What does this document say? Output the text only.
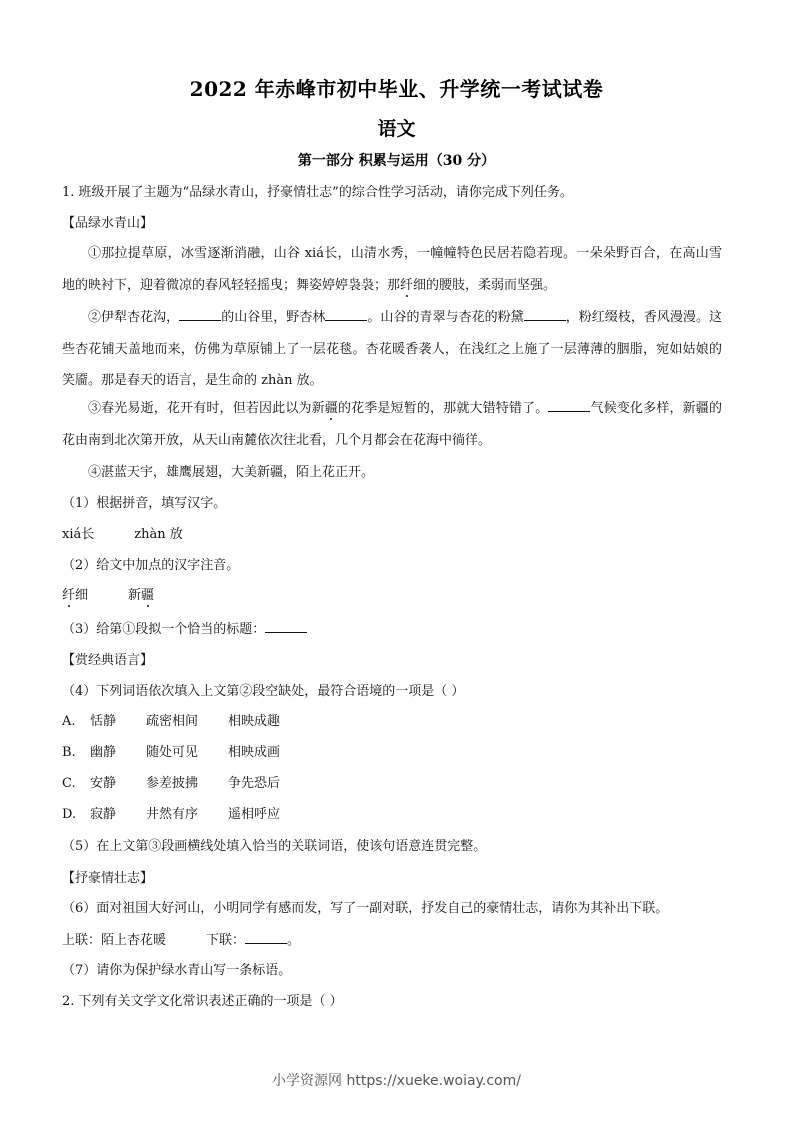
2022 年赤峰市初中毕业、升学统一考试试卷
语文
第一部分 积累与运用（30 分）
1. 班级开展了主题为“品绿水青山，抒豪情壮志”的综合性学习活动，请你完成下列任务。
【品绿水青山】
①那拉提草原，冰雪逐渐消融，山谷 xiá长，山清水秀，一幢幢特色民居若隐若现。一朵朵野百合，在高山雪地的映衬下，迎着微凉的春风轻轻摇曳；舞姿婷婷袅袅；那纤细的腰肢，柔弱而坚强。
②伊犁杏花沟，	的山谷里，野杏林	。山谷的青翠与杏花的粉黛	，粉红缀枝，香风漫漫。这些杏花铺天盖地而来，仿佛为草原铺上了一层花毯。杏花暖香袭人，在浅红之上施了一层薄薄的胭脂，宛如姑娘的笑靥。那是春天的语言，是生命的 zhàn 放。
③春光易逝，花开有时，但若因此以为新疆的花季是短暂的，那就大错特错了。	气候变化多样，新疆的花由南到北次第开放，从天山南麓依次往北看，几个月都会在花海中徜徉。
④湛蓝天宇，雄鹰展翅，大美新疆，陌上花正开。
（1）根据拼音，填写汉字。
xiá长	zhàn 放
（2）给文中加点的汉字注音。
纤细	新疆
（3）给第①段拟一个恰当的标题：
【赏经典语言】
（4）下列词语依次填入上文第②段空缺处，最符合语境的一项是（ ）
A. 恬静 疏密相间 相映成趣
B. 幽静 随处可见 相映成画
C. 安静 参差披拂 争先恐后
D. 寂静 井然有序 遥相呼应
（5）在上文第③段画横线处填入恰当的关联词语，使该句语意连贯完整。
【抒豪情壮志】
（6）面对祖国大好河山，小明同学有感而发，写了一副对联，抒发自己的豪情壮志，请你为其补出下联。
上联：陌上杏花暖	下联：	。
（7）请你为保护绿水青山写一条标语。
2. 下列有关文学文化常识表述正确的一项是（ ）
小学资源网 https://xueke.woiay.com/
